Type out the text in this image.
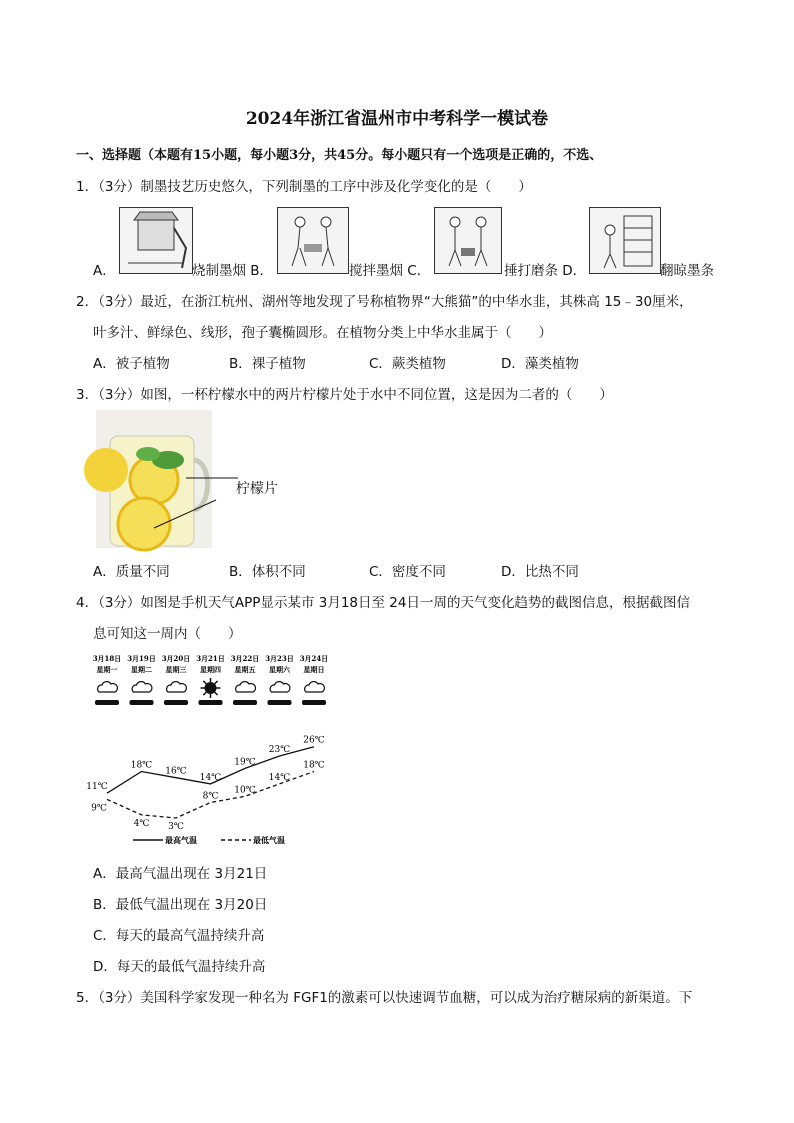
2024年浙江省温州市中考科学一模试卷
一、选择题（本题有15小题，每小题3分，共45分。每小题只有一个选项是正确的，不选、
1．（3分）制墨技艺历史悠久，下列制墨的工序中涉及化学变化的是（　　）
A．	烧制墨烟 B．	搅拌墨烟 C．	捶打磨条 D．	翻晾墨条
2．（3分）最近，在浙江杭州、湖州等地发现了号称植物界“大熊猫”的中华水韭，其株高 15﹣30厘米，
叶多汁、鲜绿色、线形，孢子囊椭圆形。在植物分类上中华水韭属于（　　）
A．被子植物	B．裸子植物	C．蕨类植物	D．藻类植物
3．（3分）如图，一杯柠檬水中的两片柠檬片处于水中不同位置，这是因为二者的（　　）
柠檬片
A．质量不同	B．体积不同	C．密度不同	D．比热不同
4．（3分）如图是手机天气APP显示某市 3月18日至 24日一周的天气变化趋势的截图信息，根据截图信
息可知这一周内（　　）
3月18日
星期一
3月19日
星期二
3月20日
星期三
3月21日
星期四
3月22日
星期五
3月23日
星期六
3月24日
星期日
11℃
18℃
16℃
14℃
19℃
23℃
26℃
9℃
4℃ 3℃
8℃
10℃
14℃
18℃
最高气温	最低气温
A．最高气温出现在 3月21日
B．最低气温出现在 3月20日
C．每天的最高气温持续升高
D．每天的最低气温持续升高
5．（3分）美国科学家发现一种名为 FGF1的激素可以快速调节血糖，可以成为治疗糖尿病的新渠道。下
